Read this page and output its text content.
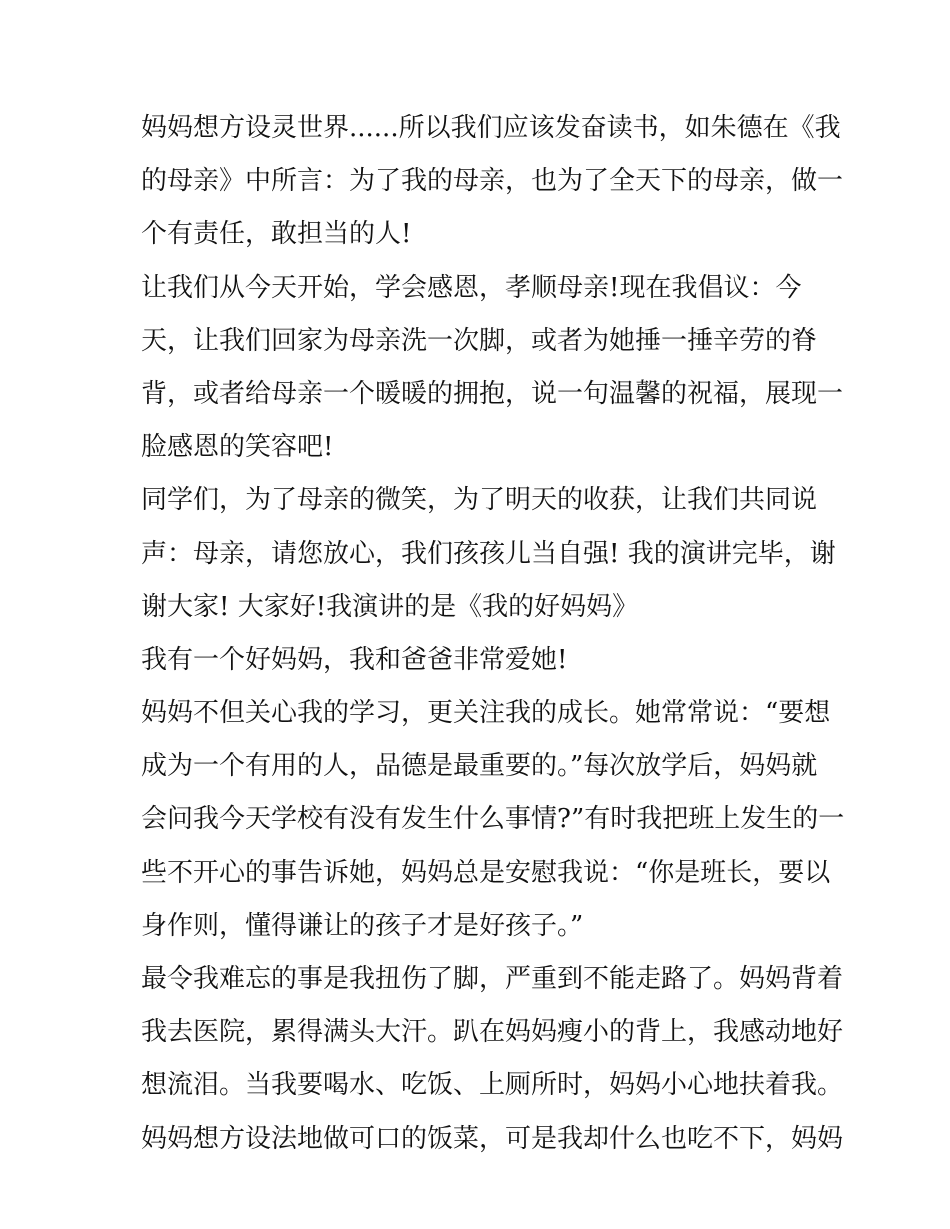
妈妈想方设灵世界......所以我们应该发奋读书，如朱德在《我
的母亲》中所言：为了我的母亲，也为了全天下的母亲，做一
个有责任，敢担当的人!
让我们从今天开始，学会感恩，孝顺母亲!现在我倡议：今
天，让我们回家为母亲洗一次脚，或者为她捶一捶辛劳的脊
背，或者给母亲一个暖暖的拥抱，说一句温馨的祝福，展现一
脸感恩的笑容吧!
同学们，为了母亲的微笑，为了明天的收获，让我们共同说
声：母亲，请您放心，我们孩孩儿当自强! 我的演讲完毕，谢
谢大家! 大家好!我演讲的是《我的好妈妈》
我有一个好妈妈，我和爸爸非常爱她!
妈妈不但关心我的学习，更关注我的成长。她常常说：“要想
成为一个有用的人，品德是最重要的。”每次放学后，妈妈就
会问我今天学校有没有发生什么事情?”有时我把班上发生的一
些不开心的事告诉她，妈妈总是安慰我说：“你是班长，要以
身作则，懂得谦让的孩子才是好孩子。”
最令我难忘的事是我扭伤了脚，严重到不能走路了。妈妈背着
我去医院，累得满头大汗。趴在妈妈瘦小的背上，我感动地好
想流泪。当我要喝水、吃饭、上厕所时，妈妈小心地扶着我。
妈妈想方设法地做可口的饭菜，可是我却什么也吃不下，妈妈
